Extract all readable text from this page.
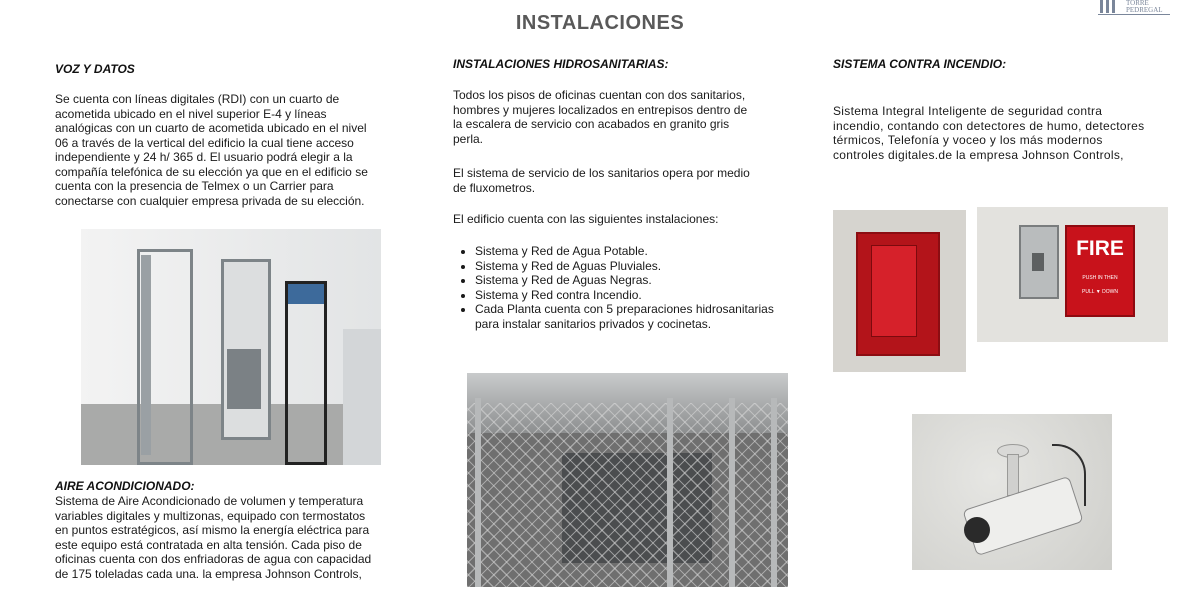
INSTALACIONES
TORRE
PEDREGAL
VOZ Y DATOS
Se cuenta con líneas digitales (RDI) con un cuarto de
acometida ubicado en el nivel superior E-4 y líneas
analógicas con un cuarto de acometida ubicado en el nivel
06 a través de la vertical del edificio la cual tiene acceso
independiente y 24 h/ 365 d. El usuario podrá elegir a la
compañía telefónica de su elección ya que en el edificio se
cuenta con la presencia de Telmex o un Carrier para
conectarse con cualquier empresa privada de su elección.
AIRE ACONDICIONADO:
Sistema de Aire Acondicionado de volumen y temperatura
variables digitales y multizonas, equipado con termostatos
en puntos estratégicos, así mismo la energía eléctrica para
este equipo está contratada en alta tensión. Cada piso de
oficinas cuenta con dos enfriadoras de agua con capacidad
de 175 toleladas cada una. la empresa Johnson Controls,
INSTALACIONES HIDROSANITARIAS:
Todos los pisos de oficinas cuentan con dos sanitarios,
hombres y mujeres localizados en entrepisos dentro de
la escalera de servicio con acabados en granito gris
perla.
El sistema de servicio de los sanitarios opera por medio
de fluxometros.
El edificio cuenta con las siguientes instalaciones:
• Sistema y Red de Agua Potable.
• Sistema y Red de Aguas Pluviales.
• Sistema y Red de Aguas Negras.
• Sistema y Red contra Incendio.
• Cada Planta cuenta con 5 preparaciones hidrosanitarias para instalar sanitarios privados y cocinetas.
SISTEMA CONTRA INCENDIO:
Sistema Integral Inteligente de seguridad contra
incendio, contando con detectores de humo, detectores
térmicos, Telefonía y voceo y los más modernos
controles digitales.de la empresa Johnson Controls,
FIRE
PUSH IN THEN
PULL ▼ DOWN
